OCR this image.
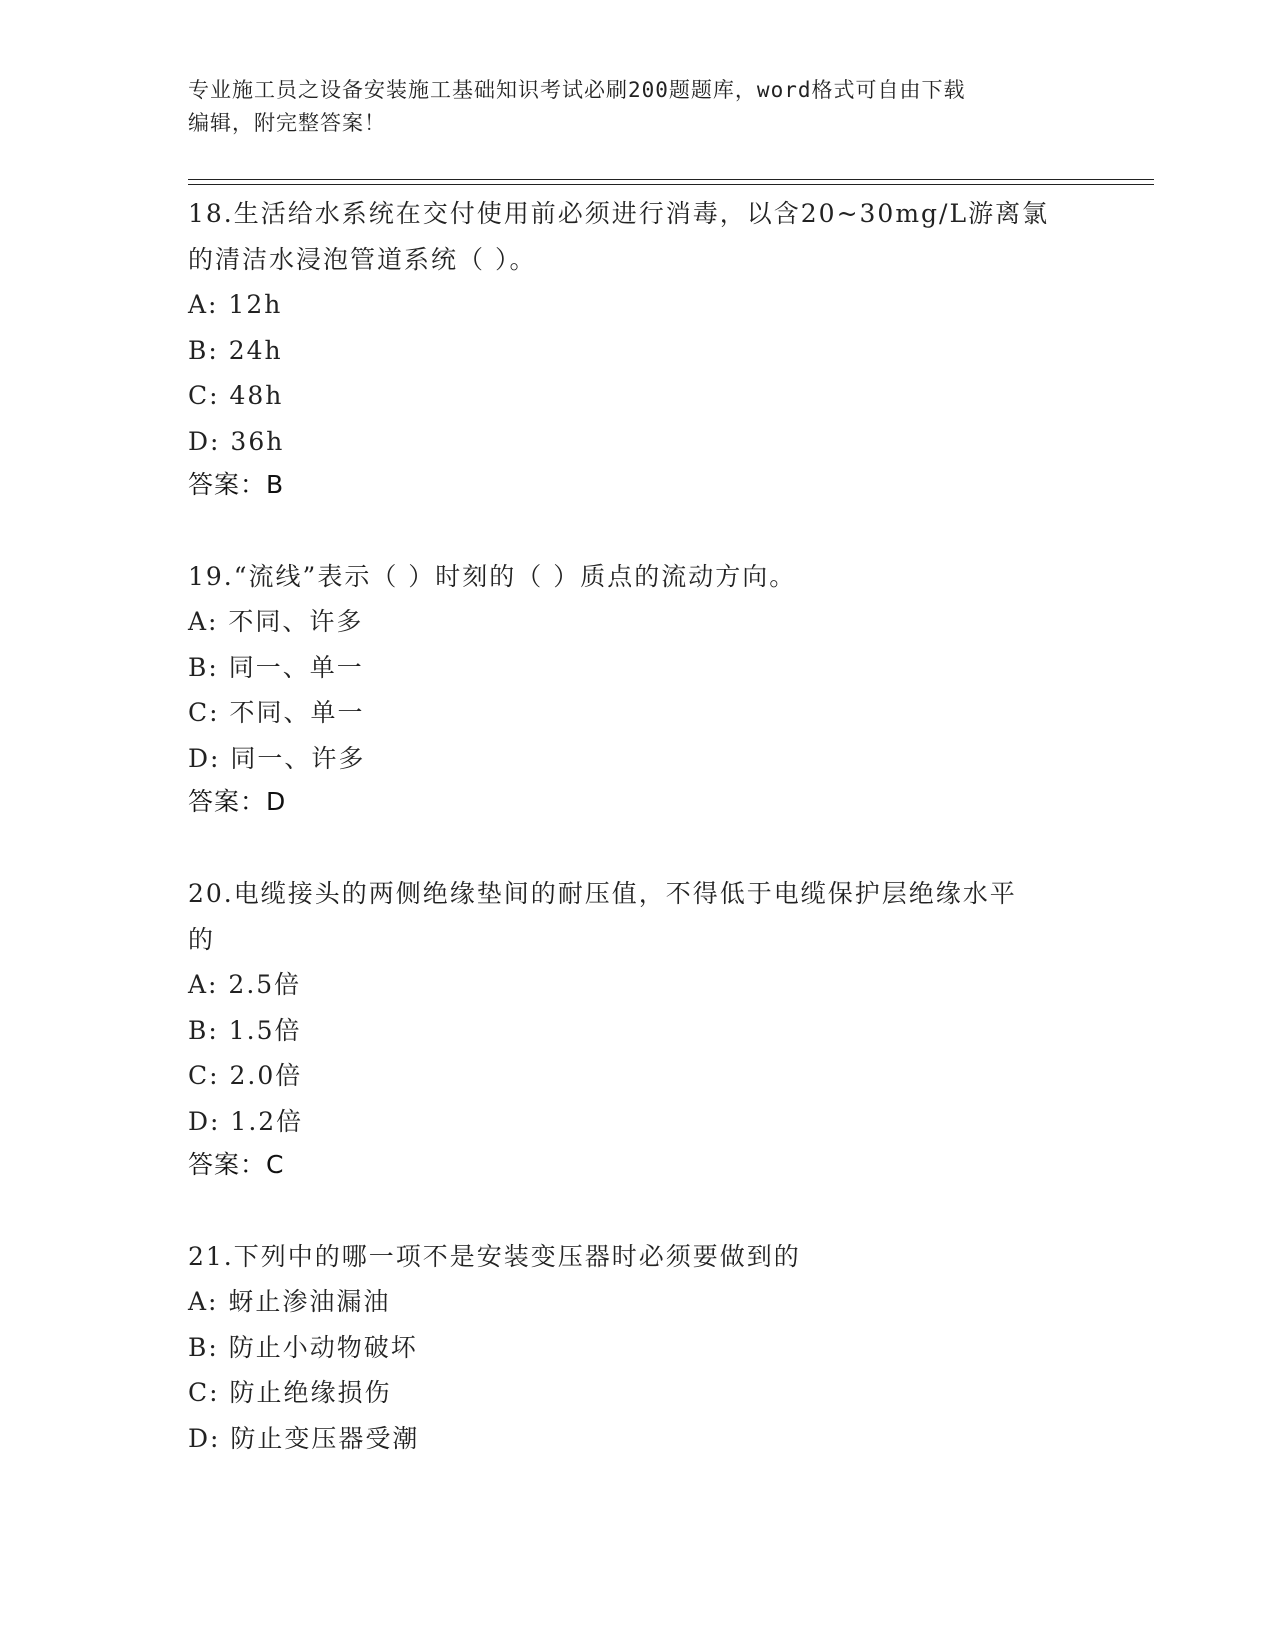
专业施工员之设备安装施工基础知识考试必刷200题题库，word格式可自由下载

编辑，附完整答案！

18.生活给水系统在交付使用前必须进行消毒，以含20~30mg/L游离氯

的清洁水浸泡管道系统（ ）。

A: 12h

B: 24h

C: 48h

D: 36h

答案：B

19.“流线”表示（ ）时刻的（ ）质点的流动方向。

A: 不同、许多

B: 同一、单一

C: 不同、单一

D: 同一、许多

答案：D

20.电缆接头的两侧绝缘垫间的耐压值，不得低于电缆保护层绝缘水平

的

A: 2.5倍

B: 1.5倍

C: 2.0倍

D: 1.2倍

答案：C

21.下列中的哪一项不是安装变压器时必须要做到的

A: 蚜止渗油漏油

B: 防止小动物破坏

C: 防止绝缘损伤

D: 防止变压器受潮
